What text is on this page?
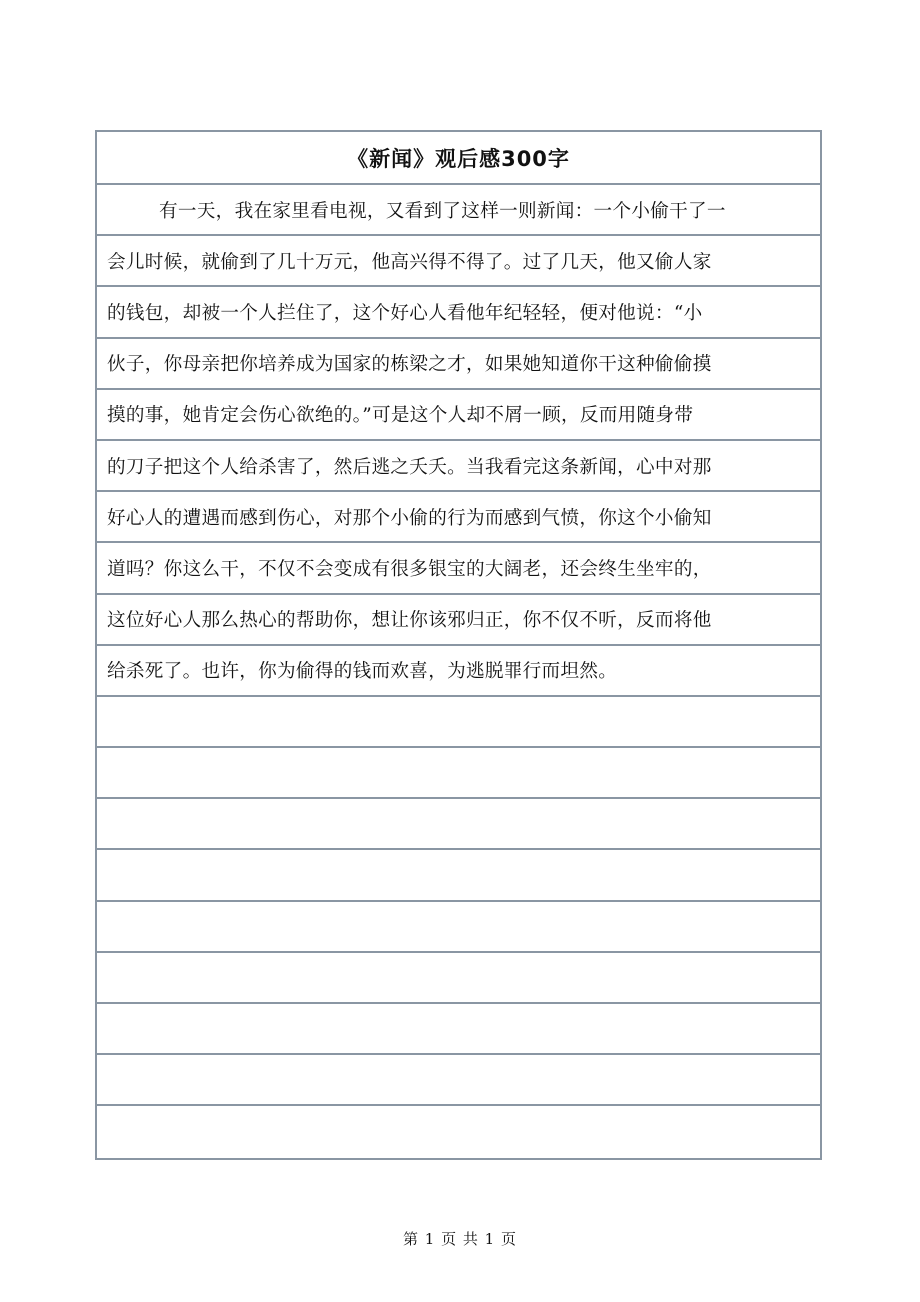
《新闻》观后感300字
有一天，我在家里看电视，又看到了这样一则新闻：一个小偷干了一
会儿时候，就偷到了几十万元，他高兴得不得了。过了几天，他又偷人家
的钱包，却被一个人拦住了，这个好心人看他年纪轻轻，便对他说：“小
伙子，你母亲把你培养成为国家的栋梁之才，如果她知道你干这种偷偷摸
摸的事，她肯定会伤心欲绝的。”可是这个人却不屑一顾，反而用随身带
的刀子把这个人给杀害了，然后逃之夭夭。当我看完这条新闻，心中对那
好心人的遭遇而感到伤心，对那个小偷的行为而感到气愤，你这个小偷知
道吗？你这么干，不仅不会变成有很多银宝的大阔老，还会终生坐牢的，
这位好心人那么热心的帮助你，想让你该邪归正，你不仅不听，反而将他
给杀死了。也许，你为偷得的钱而欢喜，为逃脱罪行而坦然。
第 1 页 共 1 页
